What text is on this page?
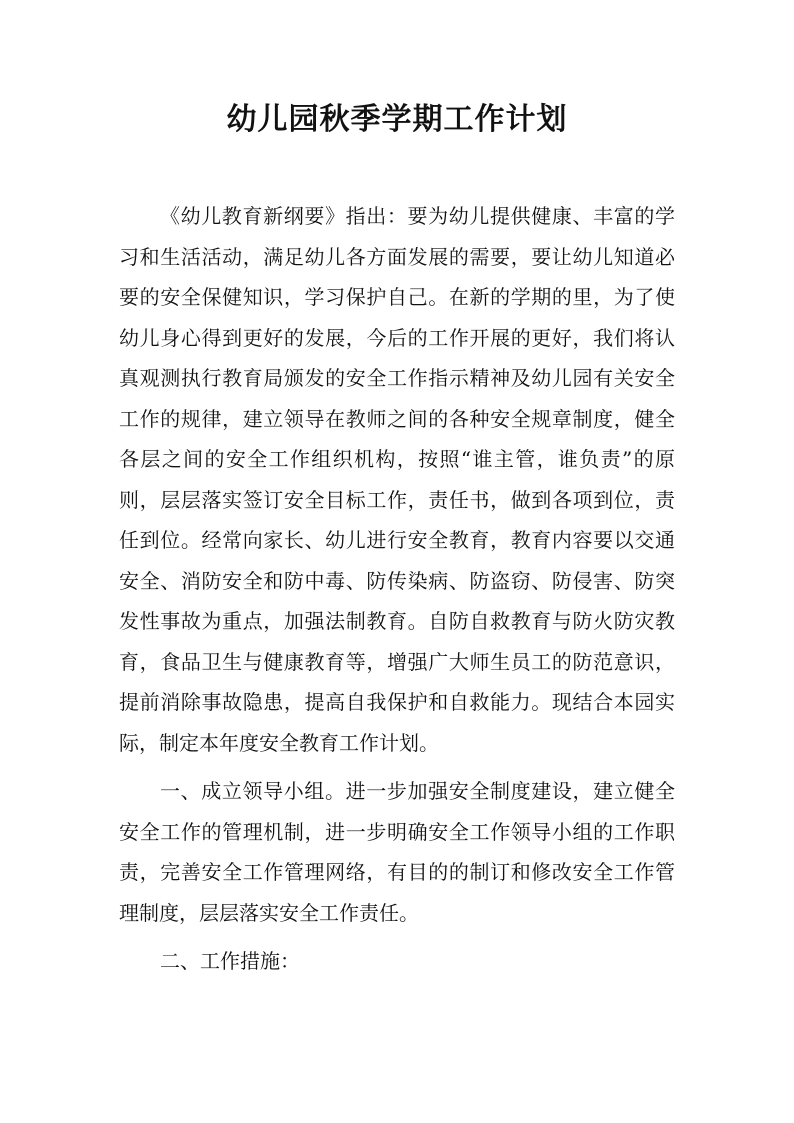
幼儿园秋季学期工作计划

《幼儿教育新纲要》指出：要为幼儿提供健康、丰富的学习和生活活动，满足幼儿各方面发展的需要，要让幼儿知道必要的安全保健知识，学习保护自己。在新的学期的里，为了使幼儿身心得到更好的发展，今后的工作开展的更好，我们将认真观测执行教育局颁发的安全工作指示精神及幼儿园有关安全工作的规律，建立领导在教师之间的各种安全规章制度，健全各层之间的安全工作组织机构，按照“谁主管，谁负责”的原则，层层落实签订安全目标工作，责任书，做到各项到位，责任到位。经常向家长、幼儿进行安全教育，教育内容要以交通安全、消防安全和防中毒、防传染病、防盗窃、防侵害、防突发性事故为重点，加强法制教育。自防自救教育与防火防灾教育，食品卫生与健康教育等，增强广大师生员工的防范意识，提前消除事故隐患，提高自我保护和自救能力。现结合本园实际，制定本年度安全教育工作计划。

一、成立领导小组。进一步加强安全制度建设，建立健全安全工作的管理机制，进一步明确安全工作领导小组的工作职责，完善安全工作管理网络，有目的的制订和修改安全工作管理制度，层层落实安全工作责任。

二、工作措施：
